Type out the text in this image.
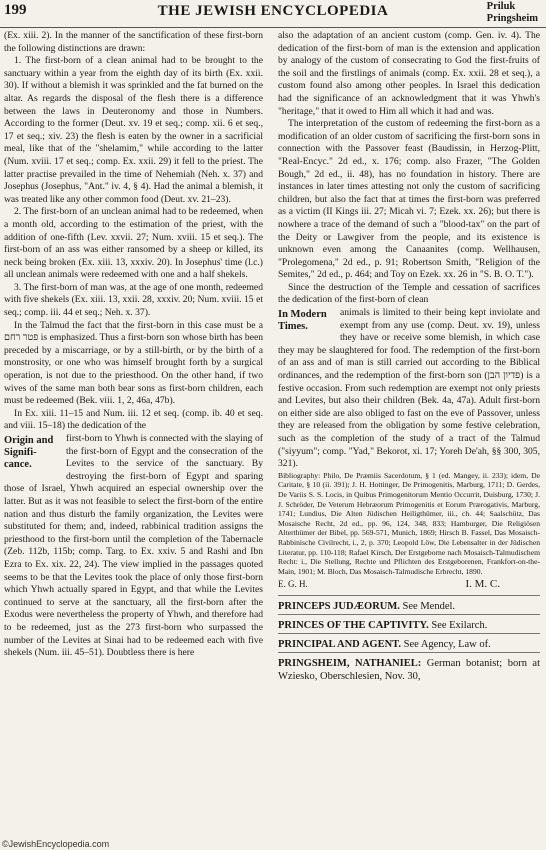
199	THE JEWISH ENCYCLOPEDIA	Priluk
Pringsheim

(Ex. xiii. 2). In the manner of the sanctification of these first-born the following distinctions are drawn:

1. The first-born of a clean animal had to be brought to the sanctuary within a year from the eighth day of its birth (Ex. xxii. 30). If without a blemish it was sprinkled and the fat burned on the altar. As regards the disposal of the flesh there is a difference between the laws in Deuteronomy and those in Numbers. According to the former (Deut. xv. 19 et seq.; comp. xii. 6 et seq., 17 et seq.; xiv. 23) the flesh is eaten by the owner in a sacrificial meal, like that of the "shelamim," while according to the latter (Num. xviii. 17 et seq.; comp. Ex. xxii. 29) it fell to the priest. The latter practise prevailed in the time of Nehemiah (Neh. x. 37) and Josephus (Josephus, "Ant." iv. 4, § 4). Had the animal a blemish, it was treated like any other common food (Deut. xv. 21–23).

2. The first-born of an unclean animal had to be redeemed, when a month old, according to the estimation of the priest, with the addition of one-fifth (Lev. xxvii. 27; Num. xviii. 15 et seq.). The first-born of an ass was either ransomed by a sheep or killed, its neck being broken (Ex. xiii. 13, xxxiv. 20). In Josephus' time (l.c.) all unclean animals were redeemed with one and a half shekels.

3. The first-born of man was, at the age of one month, redeemed with five shekels (Ex. xiii. 13, xxii. 28, xxxiv. 20; Num. xviii. 15 et seq.; comp. iii. 44 et seq.; Neh. x. 37).

In the Talmud the fact that the first-born in this case must be a פטר רחם is emphasized. Thus a first-born son whose birth has been preceded by a miscarriage, or by a still-birth, or by the birth of a monstrosity, or one who was himself brought forth by a surgical operation, is not due to the priesthood. On the other hand, if two wives of the same man both bear sons as first-born children, each must be redeemed (Bek. viii. 1, 2, 46a, 47b).

In Ex. xiii. 11–15 and Num. iii. 12 et seq. (comp. ib. 40 et seq. and viii. 15–18) the dedication of the

Origin and Signifi-cance.
first-born to Yhwh is connected with the slaying of the first-born of Egypt and the consecration of the Levites to the service of the sanctuary. By destroying the first-born of Egypt and sparing those of Israel, Yhwh acquired an especial ownership over the latter. But as it was not feasible to select the first-born of the entire nation and thus disturb the family organization, the Levites were substituted for them; and, indeed, rabbinical tradition assigns the priesthood to the first-born until the completion of the Tabernacle (Zeb. 112b, 115b; comp. Targ. to Ex. xxiv. 5 and Rashi and Ibn Ezra to Ex. xix. 22, 24). The view implied in the passages quoted seems to be that the Levites took the place of only those first-born which Yhwh actually spared in Egypt, and that while the Levites continued to serve at the sanctuary, all the first-born after the Exodus were nevertheless the property of Yhwh, and therefore had to be redeemed, just as the 273 first-born who surpassed the number of the Levites at Sinai had to be redeemed each with five shekels (Num. iii. 45–51). Doubtless there is here

also the adaptation of an ancient custom (comp. Gen. iv. 4). The dedication of the first-born of man is the extension and application by analogy of the custom of consecrating to God the first-fruits of the soil and the firstlings of animals (comp. Ex. xxii. 28 et seq.), a custom found also among other peoples. In Israel this dedication had the significance of an acknowledgment that it was Yhwh's "heritage," that it owed to Him all which it had and was.

The interpretation of the custom of redeeming the first-born as a modification of an older custom of sacrificing the first-born sons in connection with the Passover feast (Baudissin, in Herzog-Plitt, "Real-Encyc." 2d ed., x. 176; comp. also Frazer, "The Golden Bough," 2d ed., ii. 48), has no foundation in history. There are instances in later times attesting not only the custom of sacrificing children, but also the fact that at times the first-born was preferred as a victim (II Kings iii. 27; Micah vi. 7; Ezek. xx. 26); but there is nowhere a trace of the demand of such a "blood-tax" on the part of the Deity or Lawgiver from the people, and its existence is unknown even among the Canaanites (comp. Wellhausen, "Prolegomena," 2d ed., p. 91; Robertson Smith, "Religion of the Semites," 2d ed., p. 464; and Toy on Ezek. xx. 26 in "S. B. O. T.").

Since the destruction of the Temple and cessation of sacrifices the dedication of the first-born of clean

In Modern Times.
animals is limited to their being kept inviolate and exempt from any use (comp. Deut. xv. 19), unless they have or receive some blemish, in which case they may be slaughtered for food. The redemption of the first-born of an ass and of man is still carried out according to the Biblical ordinances, and the redemption of the first-born son (פדיון הבן) is a festive occasion. From such redemption are exempt not only priests and Levites, but also their children (Bek. 4a, 47a). Adult first-born on either side are also obliged to fast on the eve of Passover, unless they are released from the obligation by some festive celebration, such as the completion of the study of a tract of the Talmud ("siyyum"; comp. "Yad," Bekorot, xi. 17; Yoreh De'ah, §§ 300, 305, 321).

Bibliography: Philo, De Præmiis Sacerdotum, § 1 (ed. Mangey, ii. 233); idem, De Caritate, § 10 (ii. 391); J. H. Hottinger, De Primogenitis, Marburg, 1711; D. Gerdes, De Variis S. S. Locis, in Quibus Primogenitorum Mentio Occurrit, Duisburg, 1730; J. J. Schröder, De Veterum Hebræorum Primogenitis et Eorum Prærogativis, Marburg, 1741; Lundius, Die Alten Jüdischen Heiligthümer, iii., ch. 44; Saalschütz, Das Mosaische Recht, 2d ed., pp. 96, 124, 348, 833; Hamburger, Die Religiösen Alterthümer der Bibel, pp. 569-571, Munich, 1869; Hirsch B. Fassel, Das Mosaisch-Rabbinische Civilrecht, i., 2, p. 370; Leopold Löw, Die Lebensalter in der Jüdischen Literatur, pp. 110-118; Rafael Kirsch, Der Erstgeborne nach Mosaisch-Talmudischem Recht: i., Die Stellung, Rechte und Pflichten des Erstgeborenen, Frankfort-on-the-Main, 1901; M. Bloch, Das Mosaisch-Talmudische Erbrecht, 1890.

E. G. H.	I. M. C.

PRINCEPS JUDÆORUM. See Mendel.

PRINCES OF THE CAPTIVITY. See Exilarch.

PRINCIPAL AND AGENT. See Agency, Law of.

PRINGSHEIM, NATHANIEL: German botanist; born at Wziesko, Oberschlesien, Nov. 30,

©JewishEncyclopedia.com
